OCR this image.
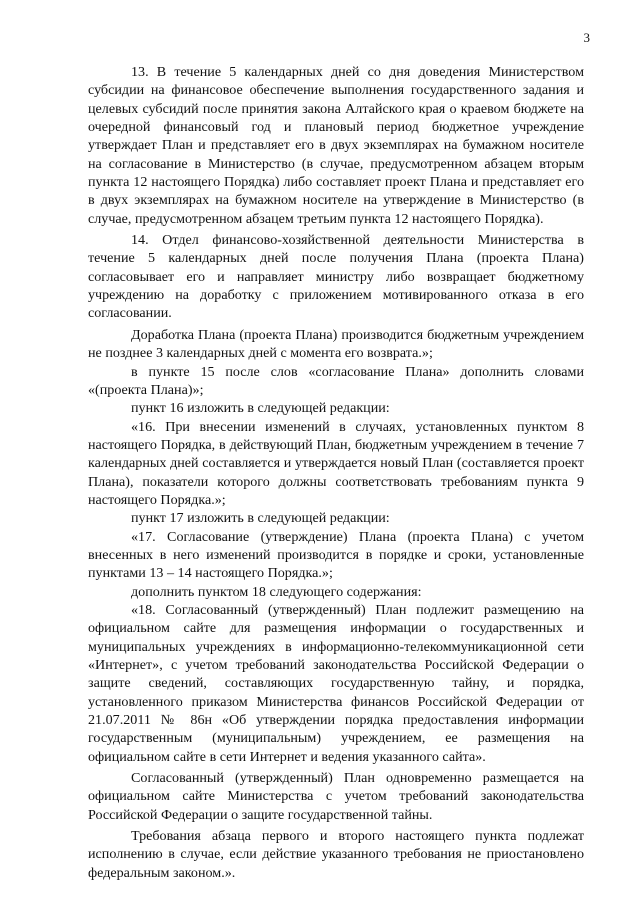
3

13. В течение 5 календарных дней со дня доведения Министерством субсидии на финансовое обеспечение выполнения государственного задания и целевых субсидий после принятия закона Алтайского края о краевом бюджете на очередной финансовый год и плановый период бюджетное учреждение утверждает План и представляет его в двух экземплярах на бумажном носителе на согласование в Министерство (в случае, предусмотренном абзацем вторым пункта 12 настоящего Порядка) либо составляет проект Плана и представляет его в двух экземплярах на бумажном носителе на утверждение в Министерство (в случае, предусмотренном абзацем третьим пункта 12 настоящего Порядка).

14. Отдел финансово-хозяйственной деятельности Министерства в течение 5 календарных дней после получения Плана (проекта Плана) согласовывает его и направляет министру либо возвращает бюджетному учреждению на доработку с приложением мотивированного отказа в его согласовании.

Доработка Плана (проекта Плана) производится бюджетным учреждением не позднее 3 календарных дней с момента его возврата.»;

в пункте 15 после слов «согласование Плана» дополнить словами «(проекта Плана)»;

пункт 16 изложить в следующей редакции:

«16. При внесении изменений в случаях, установленных пунктом 8 настоящего Порядка, в действующий План, бюджетным учреждением в течение 7 календарных дней составляется и утверждается новый План (составляется проект Плана), показатели которого должны соответствовать требованиям пункта 9 настоящего Порядка.»;

пункт 17 изложить в следующей редакции:

«17. Согласование (утверждение) Плана (проекта Плана) с учетом внесенных в него изменений производится в порядке и сроки, установленные пунктами 13 – 14 настоящего Порядка.»;

дополнить пунктом 18 следующего содержания:

«18. Согласованный (утвержденный) План подлежит размещению на официальном сайте для размещения информации о государственных и муниципальных учреждениях в информационно-телекоммуникационной сети «Интернет», с учетом требований законодательства Российской Федерации о защите сведений, составляющих государственную тайну, и порядка, установленного приказом Министерства финансов Российской Федерации от 21.07.2011 № 86н «Об утверждении порядка предоставления информации государственным (муниципальным) учреждением, ее размещения на официальном сайте в сети Интернет и ведения указанного сайта».

Согласованный (утвержденный) План одновременно размещается на официальном сайте Министерства с учетом требований законодательства Российской Федерации о защите государственной тайны.

Требования абзаца первого и второго настоящего пункта подлежат исполнению в случае, если действие указанного требования не приостановлено федеральным законом.».
